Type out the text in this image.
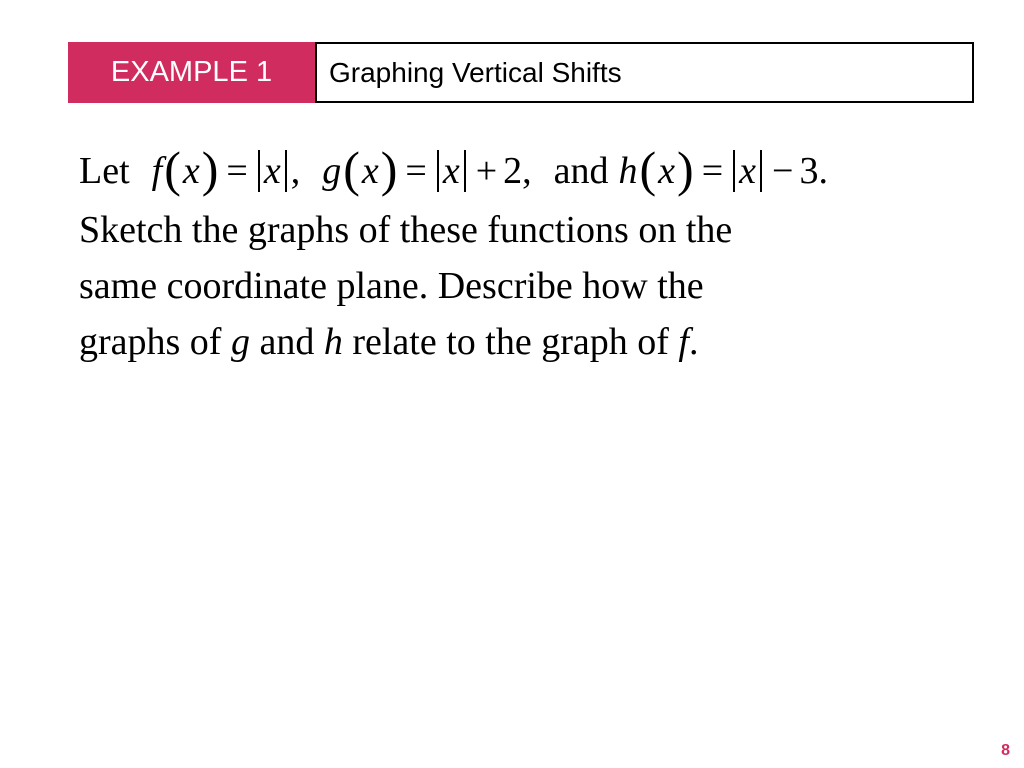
EXAMPLE 1	Graphing Vertical Shifts
Let f ( x ) = x , g ( x ) = x + 2, and h ( x ) = x − 3.
Sketch the graphs of these functions on the
same coordinate plane. Describe how the
graphs of g and h relate to the graph of f.
8
